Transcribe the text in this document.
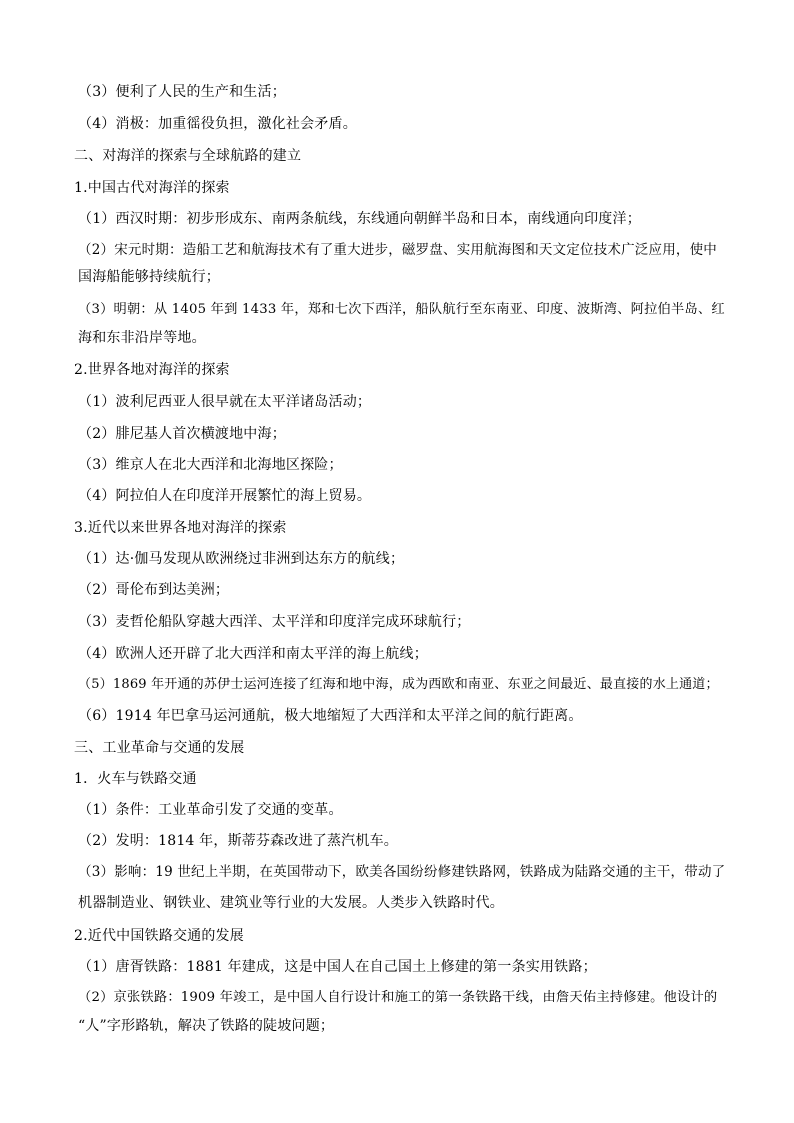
（3）便利了人民的生产和生活；
（4）消极：加重徭役负担，激化社会矛盾。
二、对海洋的探索与全球航路的建立
1.中国古代对海洋的探索
（1）西汉时期：初步形成东、南两条航线，东线通向朝鲜半岛和日本，南线通向印度洋；
（2）宋元时期：造船工艺和航海技术有了重大进步，磁罗盘、实用航海图和天文定位技术广泛应用，使中
国海船能够持续航行；
（3）明朝：从 1405 年到 1433 年，郑和七次下西洋，船队航行至东南亚、印度、波斯湾、阿拉伯半岛、红
海和东非沿岸等地。
2.世界各地对海洋的探索
（1）波利尼西亚人很早就在太平洋诸岛活动；
（2）腓尼基人首次横渡地中海；
（3）维京人在北大西洋和北海地区探险；
（4）阿拉伯人在印度洋开展繁忙的海上贸易。
3.近代以来世界各地对海洋的探索
（1）达·伽马发现从欧洲绕过非洲到达东方的航线；
（2）哥伦布到达美洲；
（3）麦哲伦船队穿越大西洋、太平洋和印度洋完成环球航行；
（4）欧洲人还开辟了北大西洋和南太平洋的海上航线；
（5）1869 年开通的苏伊士运河连接了红海和地中海，成为西欧和南亚、东亚之间最近、最直接的水上通道；
（6）1914 年巴拿马运河通航，极大地缩短了大西洋和太平洋之间的航行距离。
三、工业革命与交通的发展
1．火车与铁路交通
（1）条件：工业革命引发了交通的变革。
（2）发明：1814 年，斯蒂芬森改进了蒸汽机车。
（3）影响：19 世纪上半期，在英国带动下，欧美各国纷纷修建铁路网，铁路成为陆路交通的主干，带动了
机器制造业、钢铁业、建筑业等行业的大发展。人类步入铁路时代。
2.近代中国铁路交通的发展
（1）唐胥铁路：1881 年建成，这是中国人在自己国土上修建的第一条实用铁路；
（2）京张铁路：1909 年竣工，是中国人自行设计和施工的第一条铁路干线，由詹天佑主持修建。他设计的
“人”字形路轨，解决了铁路的陡坡问题；
